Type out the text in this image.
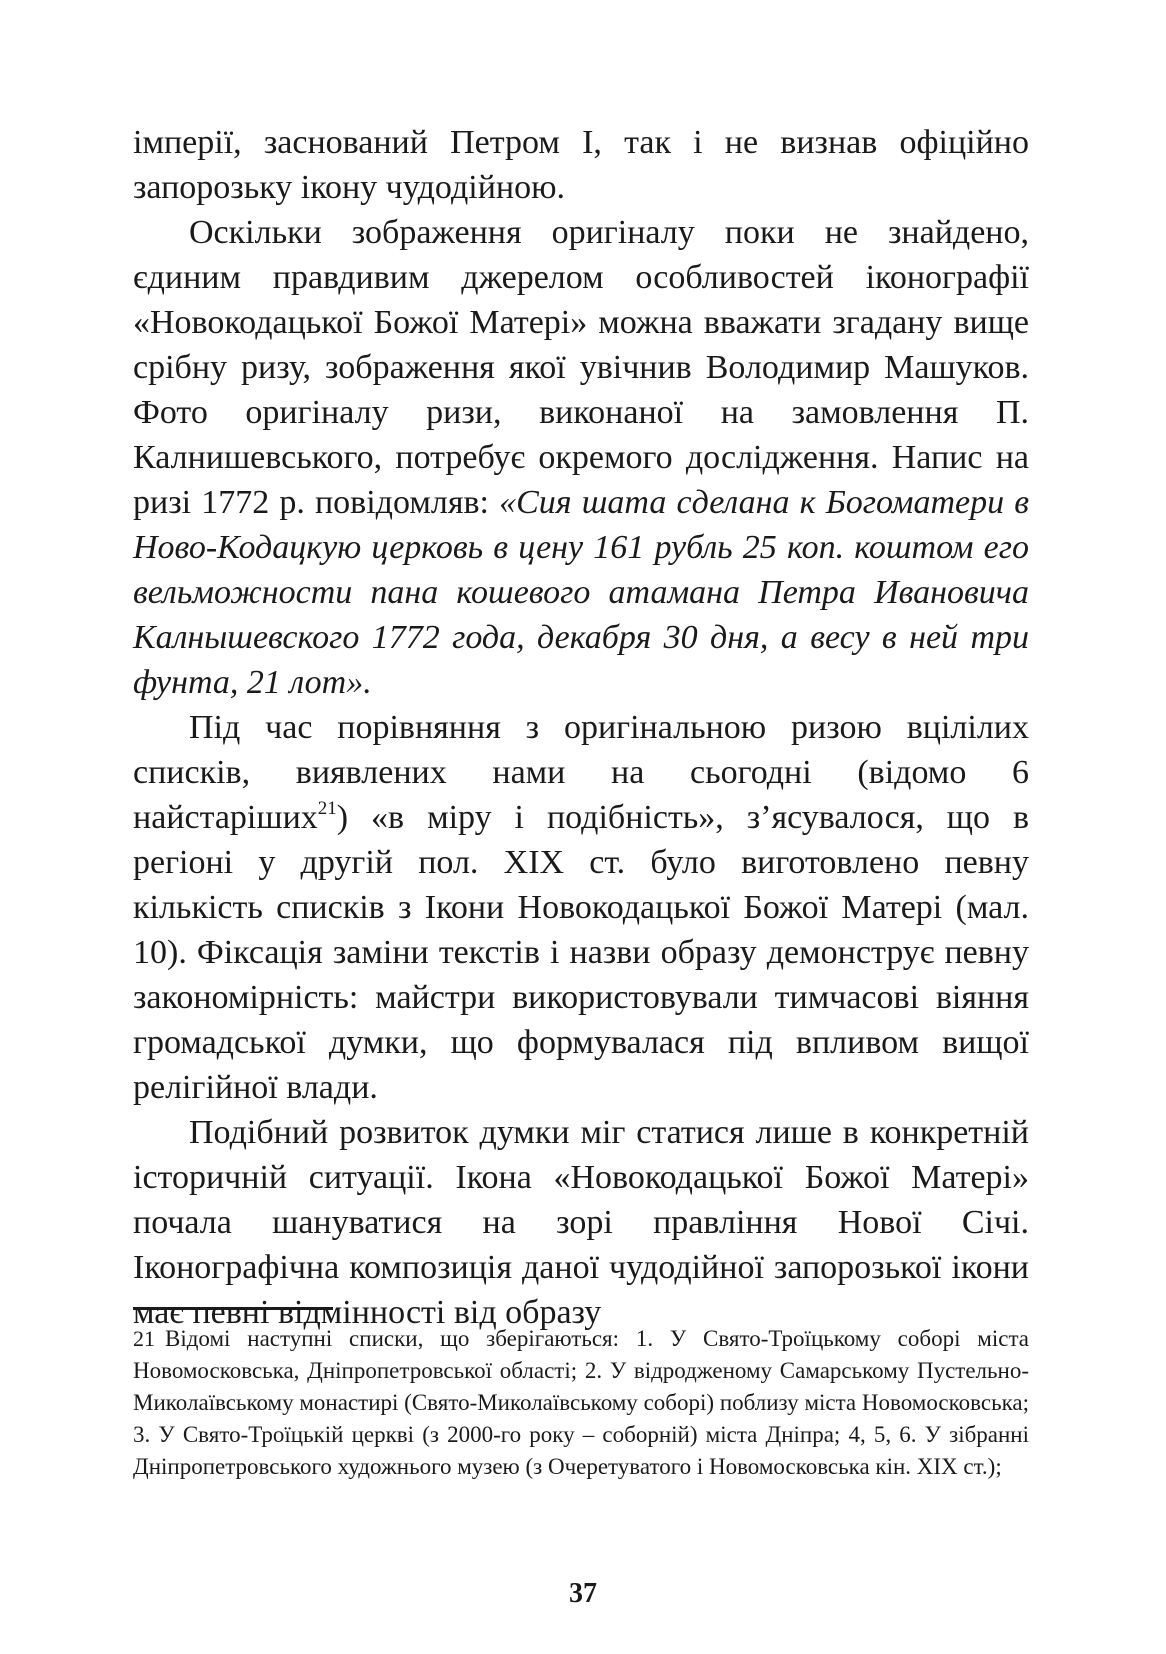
імперії, заснований Петром І, так і не визнав офіційно запорозьку ікону чудодійною.

Оскільки зображення оригіналу поки не знайдено, єдиним правдивим джерелом особливостей іконографії «Новокодацької Божої Матері» можна вважати згадану вище срібну ризу, зображення якої увічнив Володимир Машуков. Фото оригіналу ризи, виконаної на замовлення П. Калнишевського, потребує окремого дослідження. Напис на ризі 1772 р. повідомляв: «Сия шата сделана к Богоматери в Ново-Кодацкую церковь в цену 161 рубль 25 коп. коштом его вельможности пана кошевого атамана Петра Ивановича Калнышевского 1772 года, декабря 30 дня, а весу в ней три фунта, 21 лот».

Під час порівняння з оригінальною ризою вцілілих списків, виявлених нами на сьогодні (відомо 6 найстаріших$^{21}$) «в міру і подібність», з’ясувалося, що в регіоні у другій пол. ХІХ ст. було виготовлено певну кількість списків з Ікони Новокодацької Божої Матері (мал. 10). Фіксація заміни текстів і назви образу демонструє певну закономірність: майстри використовували тимчасові віяння громадської думки, що формувалася під впливом вищої релігійної влади.

Подібний розвиток думки міг статися лише в конкретній історичній ситуації. Ікона «Новокодацької Божої Матері» почала шануватися на зорі правління Нової Січі. Іконографічна композиція даної чудодійної запорозької ікони має певні відмінності від образу

21 Відомі наступні списки, що зберігаються: 1. У Свято-Троїцькому соборі міста Новомосковська, Дніпропетровської області; 2. У відродженому Самарському Пустельно-Миколаївському монастирі (Свято-Миколаївському соборі) поблизу міста Новомосковська; 3. У Свято-Троїцькій церкві (з 2000-го року – соборній) міста Дніпра; 4, 5, 6. У зібранні Дніпропетровського художнього музею (з Очеретуватого і Новомосковська кін. ХІХ ст.);

37
